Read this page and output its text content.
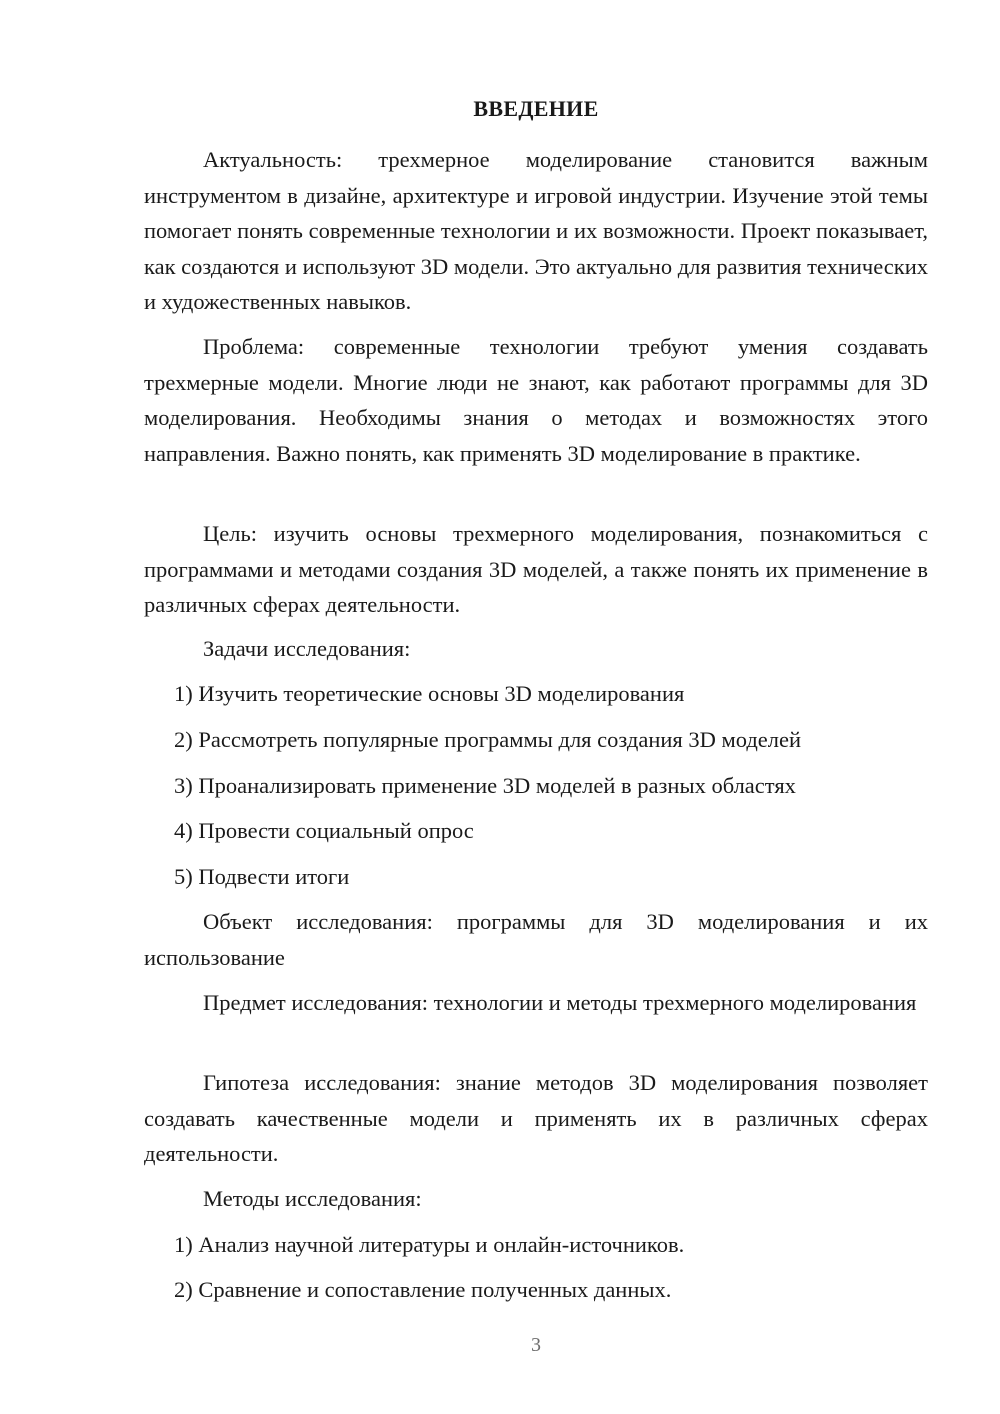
ВВЕДЕНИЕ

Актуальность: трехмерное моделирование становится важным инструментом в дизайне, архитектуре и игровой индустрии. Изучение этой темы помогает понять современные технологии и их возможности. Проект показывает, как создаются и используют 3D модели. Это актуально для развития технических и художественных навыков.

Проблема: современные технологии требуют умения создавать трехмерные модели. Многие люди не знают, как работают программы для 3D моделирования. Необходимы знания о методах и возможностях этого направления. Важно понять, как применять 3D моделирование в практике.

Цель: изучить основы трехмерного моделирования, познакомиться с программами и методами создания 3D моделей, а также понять их применение в различных сферах деятельности.

Задачи исследования:

1) Изучить теоретические основы 3D моделирования

2) Рассмотреть популярные программы для создания 3D моделей

3) Проанализировать применение 3D моделей в разных областях

4) Провести социальный опрос

5) Подвести итоги

Объект исследования: программы для 3D моделирования и их использование

Предмет исследования: технологии и методы трехмерного моделирования

Гипотеза исследования: знание методов 3D моделирования позволяет создавать качественные модели и применять их в различных сферах деятельности.

Методы исследования:

1) Анализ научной литературы и онлайн-источников.

2) Сравнение и сопоставление полученных данных.

3
